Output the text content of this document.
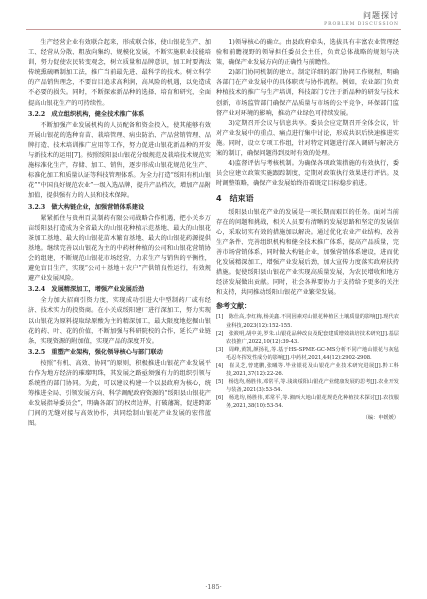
问题探讨
PROBLEM DISCUSSION

生产经营企业有效联合起来，形成联合体，使山银花生产、加工、经营从分散、粗放向集约、规模化发展，不断实施职业技能培训，努力促使农民转变观念，树立质量和品牌意识，加工时要淘汰传统熏硫晒制加工法，推广当前最先进、最科学的技术。树立科学的产品销售理念，不要盲目追求高利润，高风险的机遇，以免造成不必要的损失。同时，不断探索新品种的选择、培育和研究，全面提高山银花生产的可持续性。

3.2.2　成立组织机构，健全技术推广体系

不断加强产业发展机构的人员配备和资金投入，使其能够有效开展山银花的选种育苗、栽培管理、病虫防治、产品营销管理、品牌打造、技术培训推广应用等工作，努力促进山银花新品种的开发与新技术的运用[7]。按照绥阳县山银花分级规范及栽培技术规范实施标准化生产，存储、加工、销售，逐步形成山银花规范化生产、标准化加工和质量认证等科技管理体系。为全力打造“绥阳有机山银花”“中国良好规范农业”一级入选品牌，提升产品档次，增加产品附加值，提供强有力的人员和技术保障。

3.2.3　做大构链企业，加强营销体系建设

紧紧抓住与贵州百灵制药有限公司战略合作机遇，把小关乡万亩绥阳县打造成为全省最大的山银花种植示范基地、最大的山银花茶加工基地、最大的山银花苗木繁育基地、最大的山银花药源提供基地。继续完善以山银花为主的中药材种植的公司和山银花营销协会的组建，不断规范山银花市场经营，力求生产与销售的平衡性，避免盲目生产，实现“公司＋基地＋农户”产供销良性运行，有效规避产业发展风险。

3.2.4　发展精深加工，增强产业发展后劲

全力加大招商引资力度，实现成功引进大中型制药厂或有经济、技术实力的投资商。在小关成绥阳建厂进行深加工，努力实现以山银花为原料提取绿原酸为主的精深加工，最大限度地挖掘山银花的药、叶、花的价值，不断加强与科研院校的合作，延长产业链条，实现资源的附加值，实现产品的深度开发。

3.2.5　重塑产业架构，强化领导核心与部门联动

按照“有机、高效、协同”的原则，积极推进山银花产业发展平台作为地方经济的璀璨明珠，其发展之路亟须强有力的组织引领与系统性的部门协同。为此，可以建议构建一个以县政府为核心，统筹推进全局、引领发展方向、科学调配政府资源的“绥阳县山银花产业发展指导委员会”，明确各部门的权责边界，打破藩篱，促进跨部门间的无缝对接与高效协作，共同绘制山银花产业发展的宏伟蓝图。

1)领导核心的确立。由县政府牵头，选拔具有丰富农业管理经验和前瞻视野的领导担任委员会主任，负责总体战略的规划与决策，确保产业发展方向的正确性与前瞻性。

2)部门协同机制的建立。制定详细的部门协同工作规程，明确各部门在产业发展中的具体职责与协作流程。例如，农业部门负责种植技术的推广与生产培训，科技部门专注于新品种的研发与技术创新，市场监管部门确保产品质量与市场的公平竞争，环保部门监督产业对环境的影响，推动产业绿色可持续发展。

3)定期召开会议与信息共享。委员会应定期召开全体会议，针对产业发展中的重点、痛点进行集中讨论，形成共识后快速推进实施。同时，设立专项工作组，针对特定问题进行深入调研与解决方案的制订，确保问题得到及时有效的处理。

4)监督评估与考核机制。为确保各项政策措施的有效执行，委员会应建立政策实施跟踪制度，定期对政策执行效果进行评估。及时调整策略，确保产业发展始终沿着既定目标稳步前进。

4　结束语

绥阳县山银花产业的发展是一项长期而艰巨的任务。面对当前存在的问题和挑战，相关人员要有清晰的发展思路和坚定的发展信心，采取切实有效的措施加以解决。通过优化农业产业结构、改善生产条件、完善组织机构和健全技术推广体系，提高产品质量，完善市场营销体系，同时做大构链企业，加强营销体系建设，进而优化发展精深加工，增强产业发展后劲，加大宣传力度落实政府扶持措施。促使绥阳县山银花产业实现高质量发展，为农民增收和地方经济发展做出贡献。同时，社会各界要协力于支持给予更多的关注和支持，共同推动绥阳山银花产业繁荣发展。

参考文献：
[1]　陈仕高,李红梅,杨美鑫.不同因素对山银花种植区土壤质量的影响[J].现代农业科技,2023(12):152-155.
[2]　张筱明,胡中美,罗朱.山银花品种改良及配套建质增效栽培技术研究[J].基层农技推广,2022,10(12):39-43.
[3]　周峰,黄凯,颜扬礼,等.基于HS-SPME-GC-MS分析不同产地山银花与灰毡毛忍冬挥发性成分的影响[J].中药材,2021,44(12):2902-2908.
[4]　崔灵芝,曾建鹏,张曦等.毕业银花及山银花产业技术研究进展[J].黔工科技,2021,37(12):22-26.
[5]　杨选均,杨胜伟,邓常平,等.浅谈绥阳山银花产业健康发展的思考[J].农业开发与装备,2021(3):53-54.
[6]　杨选均,杨胜伟,邓常平,等.湘西大地山银花规范化种植技术探讨[J].农技服务,2021,38(10):53-54.
（编：申媛媛）
·185·
